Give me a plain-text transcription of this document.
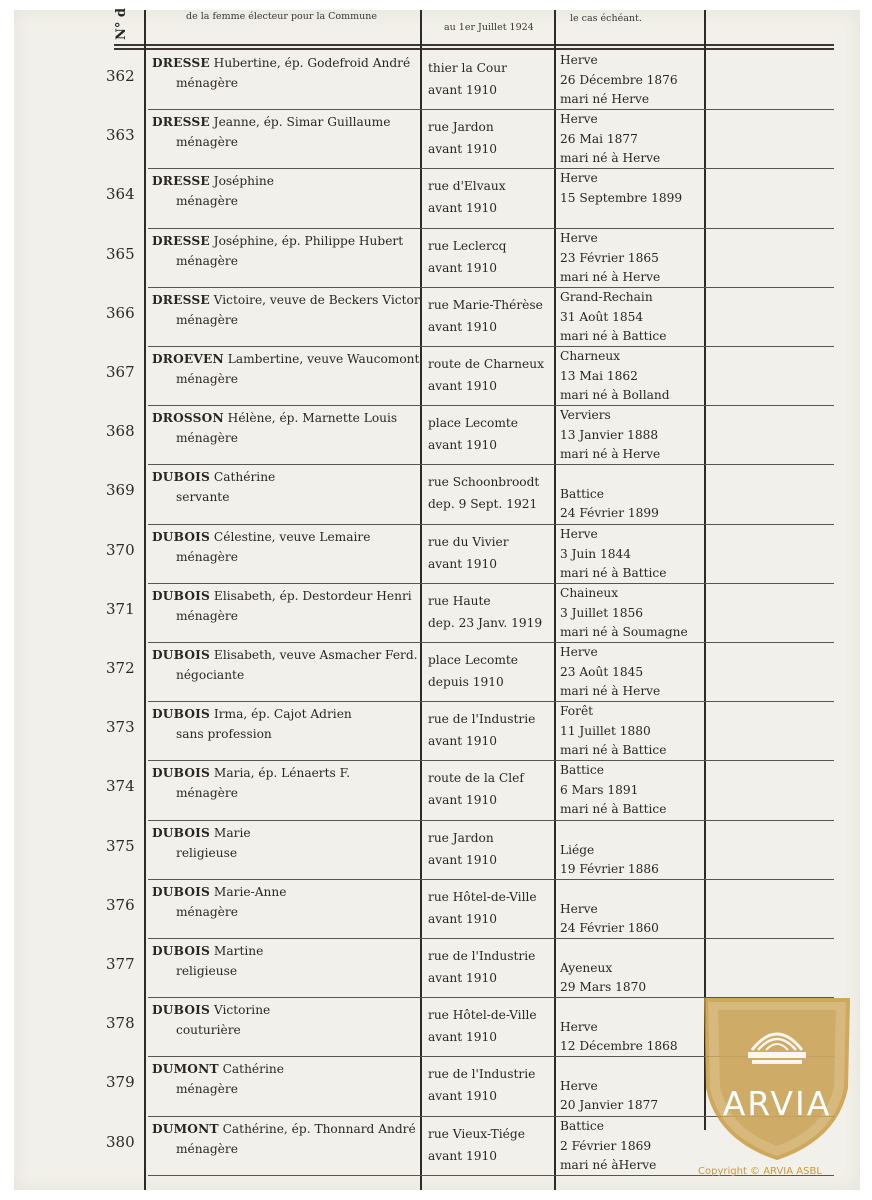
N° d	de la femme électeur pour la Commune
au 1er Juillet 1924
le cas échéant.
362
DRESSE Hubertine, ép. Godefroid André
ménagère
thier la Cour
avant 1910
Herve
26 Décembre 1876
mari né Herve
363
DRESSE Jeanne, ép. Simar Guillaume
ménagère
rue Jardon
avant 1910
Herve
26 Mai 1877
mari né à Herve
364
DRESSE Joséphine
ménagère
rue d'Elvaux
avant 1910
Herve
15 Septembre 1899
365
DRESSE Joséphine, ép. Philippe Hubert
ménagère
rue Leclercq
avant 1910
Herve
23 Février 1865
mari né à Herve
366
DRESSE Victoire, veuve de Beckers Victor
ménagère
rue Marie-Thérèse
avant 1910
Grand-Rechain
31 Août 1854
mari né à Battice
367
DROEVEN Lambertine, veuve Waucomont
ménagère
route de Charneux
avant 1910
Charneux
13 Mai 1862
mari né à Bolland
368
DROSSON Hélène, ép. Marnette Louis
ménagère
place Lecomte
avant 1910
Verviers
13 Janvier 1888
mari né à Herve
369
DUBOIS Cathérine
servante
rue Schoonbroodt
dep. 9 Sept. 1921
Battice
24 Février 1899
370
DUBOIS Célestine, veuve Lemaire
ménagère
rue du Vivier
avant 1910
Herve
3 Juin 1844
mari né à Battice
371
DUBOIS Elisabeth, ép. Destordeur Henri
ménagère
rue Haute
dep. 23 Janv. 1919
Chaineux
3 Juillet 1856
mari né à Soumagne
372
DUBOIS Elisabeth, veuve Asmacher Ferd.
négociante
place Lecomte
depuis 1910
Herve
23 Août 1845
mari né à Herve
373
DUBOIS Irma, ép. Cajot Adrien
sans profession
rue de l'Industrie
avant 1910
Forêt
11 Juillet 1880
mari né à Battice
374
DUBOIS Maria, ép. Lénaerts F.
ménagère
route de la Clef
avant 1910
Battice
6 Mars 1891
mari né à Battice
375
DUBOIS Marie
religieuse
rue Jardon
avant 1910
Liége
19 Février 1886
376
DUBOIS Marie-Anne
ménagère
rue Hôtel-de-Ville
avant 1910
Herve
24 Février 1860
377
DUBOIS Martine
religieuse
rue de l'Industrie
avant 1910
Ayeneux
29 Mars 1870
378
DUBOIS Victorine
couturière
rue Hôtel-de-Ville
avant 1910
Herve
12 Décembre 1868
379
DUMONT Cathérine
ménagère
rue de l'Industrie
avant 1910
Herve
20 Janvier 1877
380
DUMONT Cathérine, ép. Thonnard André
ménagère
rue Vieux-Tiége
avant 1910
Battice
2 Février 1869
mari né àHerve
ARVIA
Copyright © ARVIA ASBL
